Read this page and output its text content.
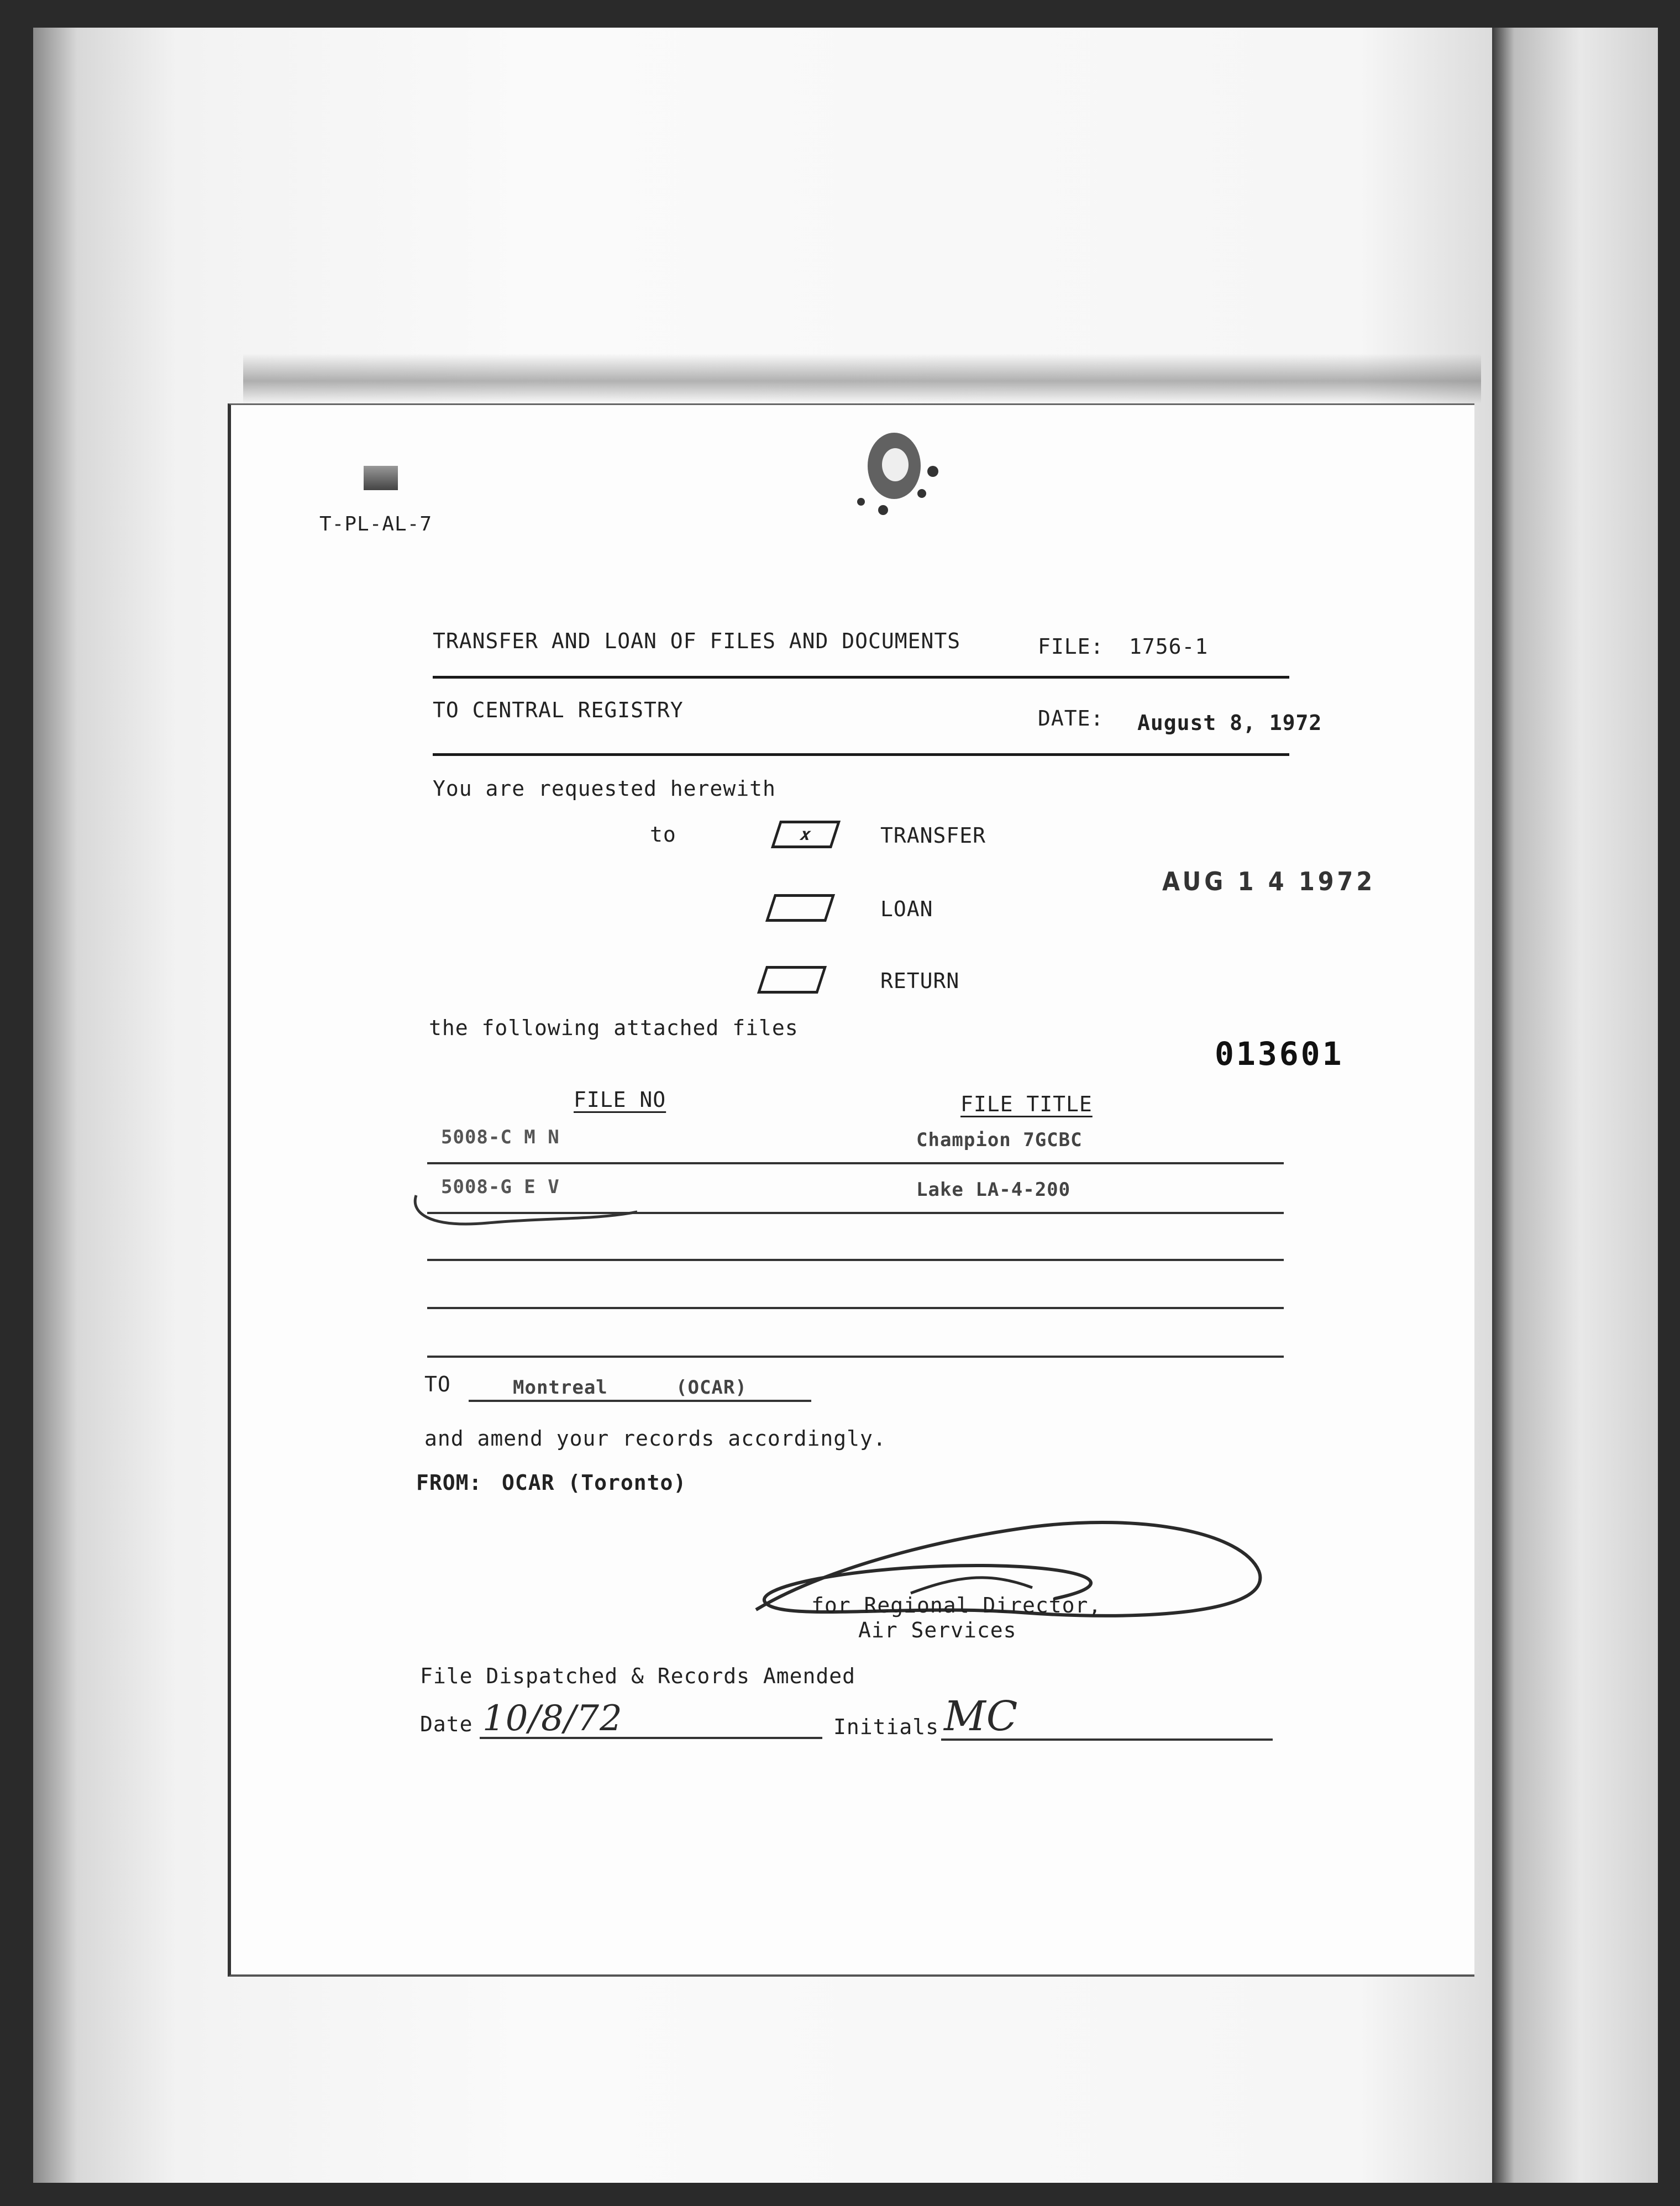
T-PL-AL-7
TRANSFER AND LOAN OF FILES AND DOCUMENTS	FILE: 1756-1
TO CENTRAL REGISTRY	DATE: August 8, 1972
You are requested herewith
to	x	TRANSFER
LOAN
RETURN
AUG 1 4 1972
the following attached files
013601
FILE NO	FILE TITLE
5008-C M N	Champion 7GCBC
5008-G E V	Lake LA-4-200
TO	Montreal	(OCAR)
and amend your records accordingly.
FROM: OCAR (Toronto)
for Regional Director,
Air Services
File Dispatched & Records Amended
Date 10/8/72	Initials MC
